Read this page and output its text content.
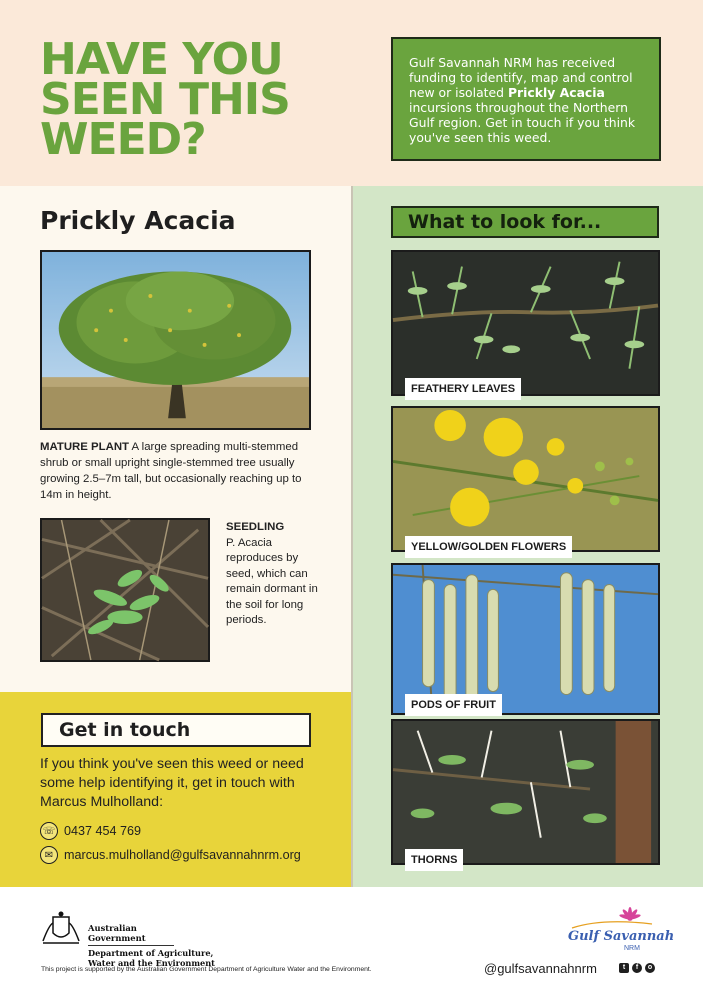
HAVE YOU
SEEN THIS
WEED?
Gulf Savannah NRM has received funding to identify, map and control new or isolated Prickly Acacia incursions throughout the Northern Gulf region. Get in touch if you think you've seen this weed.
Prickly Acacia
MATURE PLANT A large spreading multi-stemmed shrub or small upright single-stemmed tree usually growing 2.5–7m tall, but occasionally reaching up to 14m in height.
SEEDLING
P. Acacia reproduces by seed, which can remain dormant in the soil for long periods.
Get in touch
If you think you've seen this weed or need some help identifying it, get in touch with Marcus Mulholland:
☏ 0437 454 769
✉ marcus.mulholland@gulfsavannahnrm.org
What to look for...
FEATHERY LEAVES
YELLOW/GOLDEN FLOWERS
PODS OF FRUIT
THORNS
Australian Government
Department of Agriculture,
Water and the Environment
This project is supported by the Australian Government Department of Agriculture Water and the Environment.
Gulf Savannah
NRM
@gulfsavannahnrm	t	f	o
